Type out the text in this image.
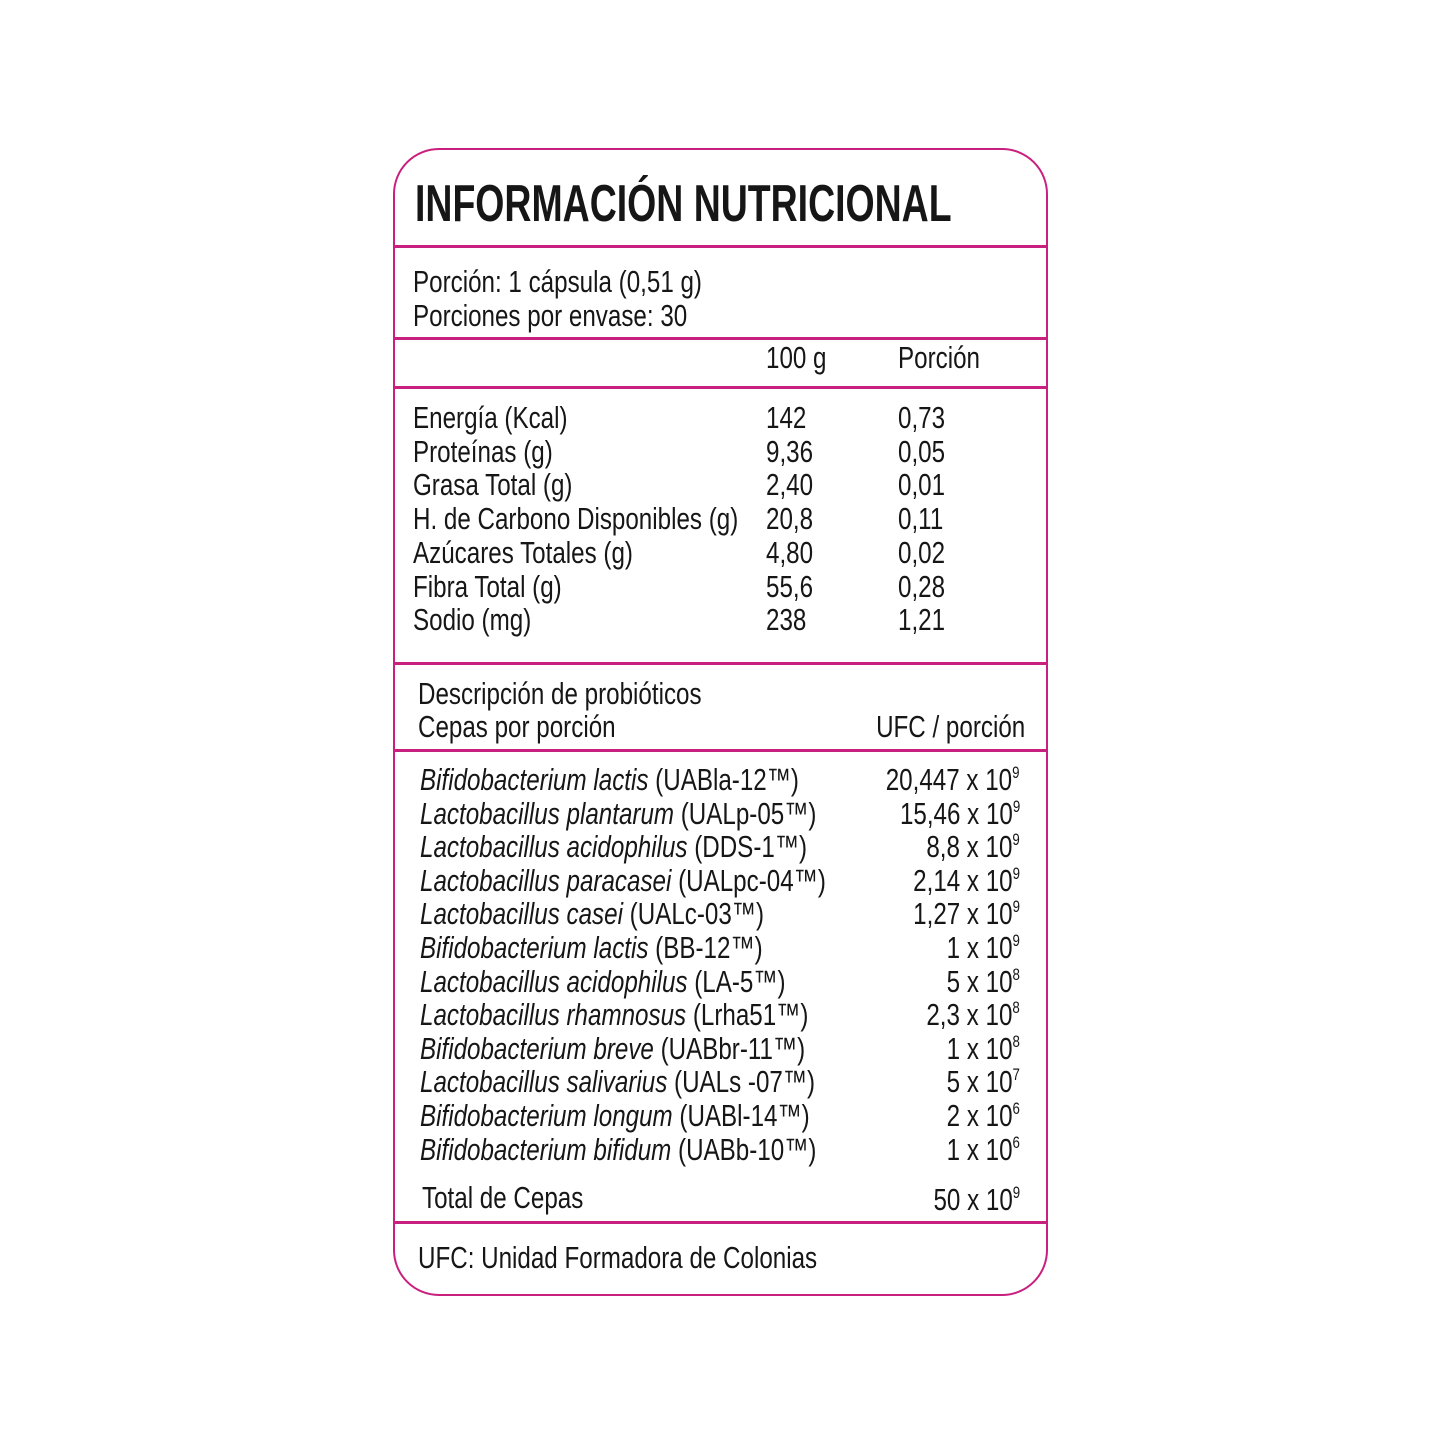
INFORMACIÓN NUTRICIONAL
Porción: 1 cápsula (0,51 g)
Porciones por envase: 30
100 g Porción
Energía (Kcal)	142	0,73
Proteínas (g)	9,36	0,05
Grasa Total (g)	2,40	0,01
H. de Carbono Disponibles (g) 20,8	0,11
Azúcares Totales (g)	4,80	0,02
Fibra Total (g)	55,6	0,28
Sodio (mg)	238	1,21
Descripción de probióticos
Cepas por porción	UFC / porción
Bifidobacterium lactis (UABla-12™)	20,447 x $10^9$
Lactobacillus plantarum (UALp-05™)	15,46 x $10^9$
Lactobacillus acidophilus (DDS-1™)	8,8 x $10^9$
Lactobacillus paracasei (UALpc-04™)	2,14 x $10^9$
Lactobacillus casei (UALc-03™)	1,27 x $10^9$
Bifidobacterium lactis (BB-12™)	1 x $10^9$
Lactobacillus acidophilus (LA-5™)	5 x $10^8$
Lactobacillus rhamnosus (Lrha51™)	2,3 x $10^8$
Bifidobacterium breve (UABbr-11™)	1 x $10^8$
Lactobacillus salivarius (UALs -07™)	5 x $10^7$
Bifidobacterium longum (UABl-14™)	2 x $10^6$
Bifidobacterium bifidum (UABb-10™)	1 x $10^6$
Total de Cepas	50 x $10^9$
UFC: Unidad Formadora de Colonias
